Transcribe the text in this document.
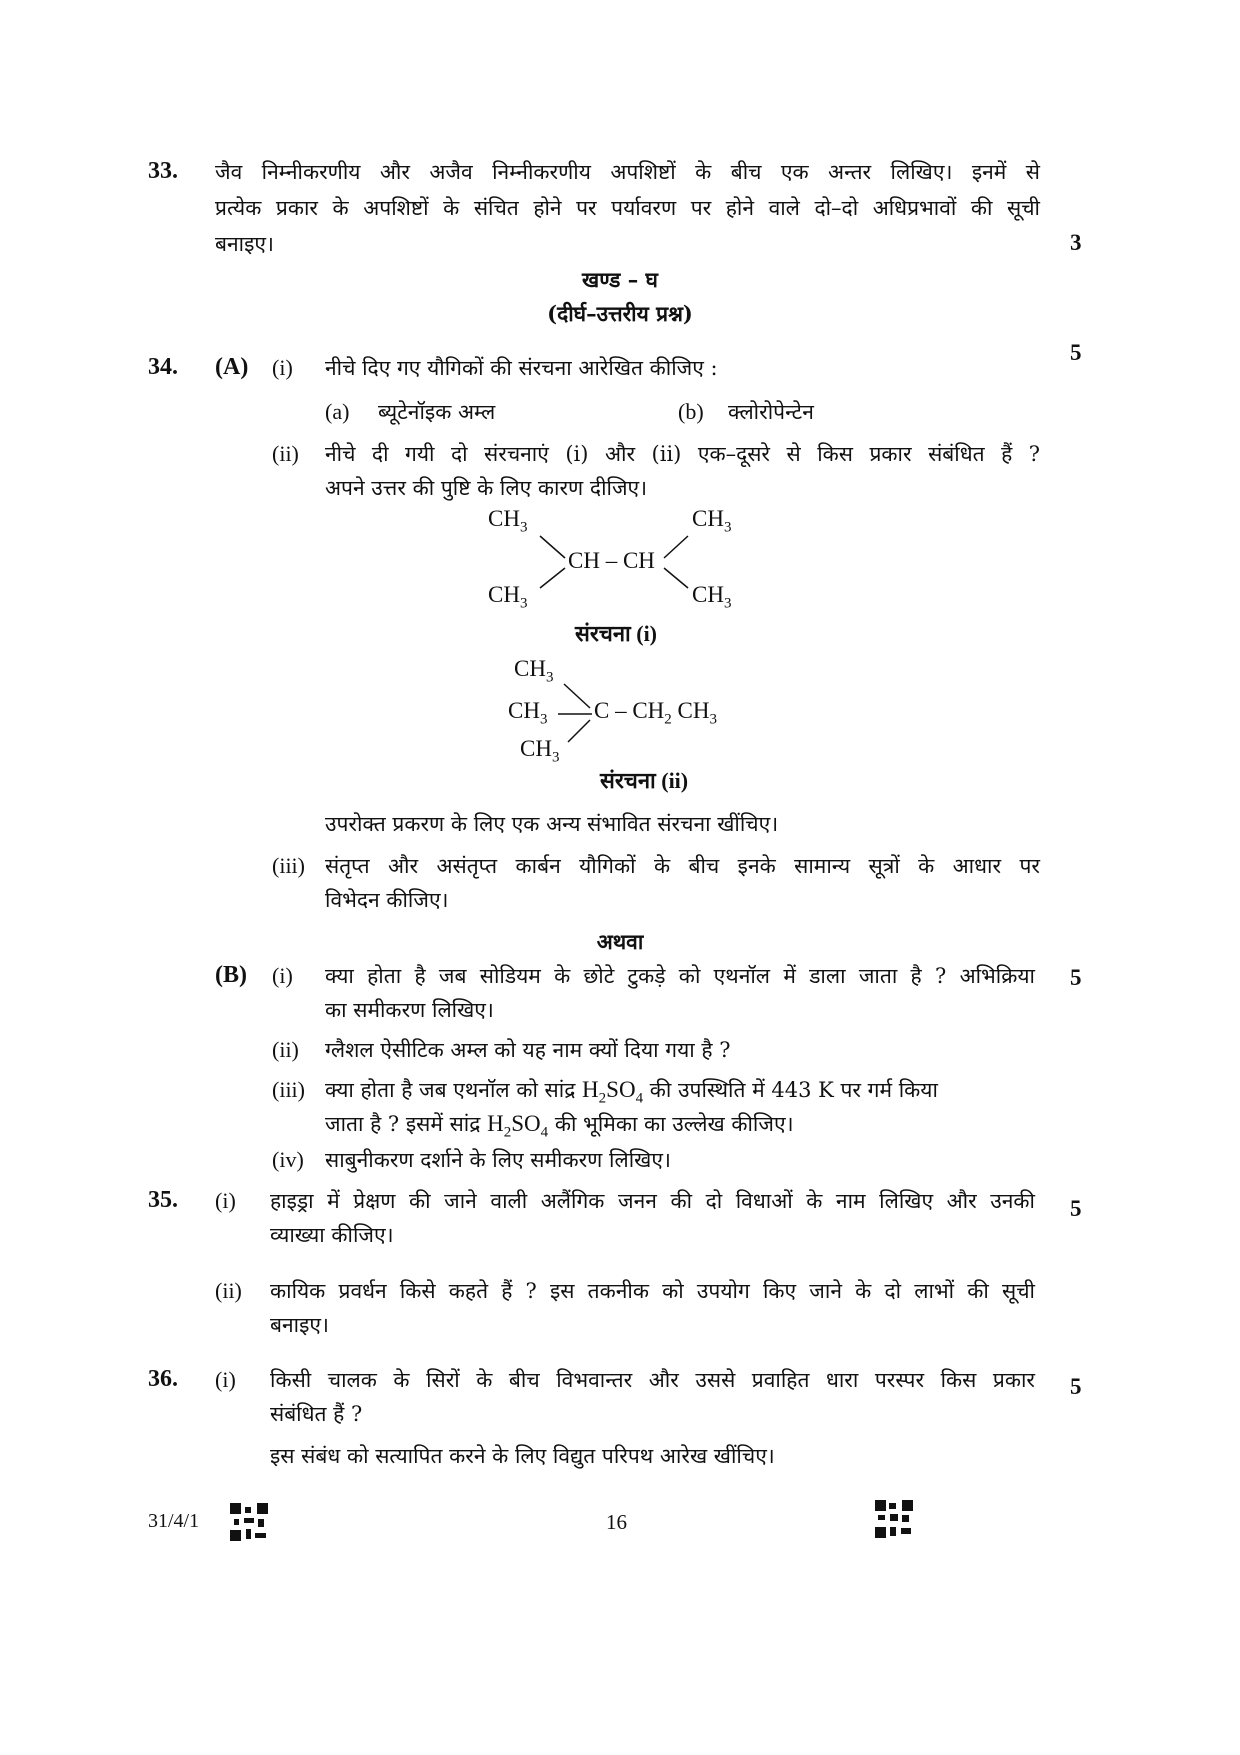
33. जैव निम्नीकरणीय और अजैव निम्नीकरणीय अपशिष्टों के बीच एक अन्तर लिखिए। इनमें से
प्रत्येक प्रकार के अपशिष्टों के संचित होने पर पर्यावरण पर होने वाले दो–दो अधिप्रभावों की सूची
बनाइए।	3
खण्ड – घ
(दीर्घ–उत्तरीय प्रश्न)
34. (A) (i) नीचे दिए गए यौगिकों की संरचना आरेखित कीजिए :
5
(a) ब्यूटेनॉइक अम्ल	(b) क्लोरोपेन्टेन
(ii) नीचे दी गयी दो संरचनाएं (i) और (ii) एक–दूसरे से किस प्रकार संबंधित हैं ?
अपने उत्तर की पुष्टि के लिए कारण दीजिए।
$CH_3$	$CH_3$
CH – CH
$CH_3$	$CH_3$
संरचना (i)
$CH_3$
$CH_3$ C – $CH_2$ $CH_3$
$CH_3$
संरचना (ii)
उपरोक्त प्रकरण के लिए एक अन्य संभावित संरचना खींचिए।
(iii) संतृप्त और असंतृप्त कार्बन यौगिकों के बीच इनके सामान्य सूत्रों के आधार पर
विभेदन कीजिए।
अथवा
(B) (i) क्या होता है जब सोडियम के छोटे टुकड़े को एथनॉल में डाला जाता है ? अभिक्रिया
का समीकरण लिखिए।
5
(ii) ग्लैशल ऐसीटिक अम्ल को यह नाम क्यों दिया गया है ?
(iii) क्या होता है जब एथनॉल को सांद्र $H_2SO_4$ की उपस्थिति में 443 K पर गर्म किया
जाता है ? इसमें सांद्र $H_2SO_4$ की भूमिका का उल्लेख कीजिए।
(iv) साबुनीकरण दर्शाने के लिए समीकरण लिखिए।
35. (i) हाइड्रा में प्रेक्षण की जाने वाली अलैंगिक जनन की दो विधाओं के नाम लिखिए और उनकी
व्याख्या कीजिए।
5
(ii) कायिक प्रवर्धन किसे कहते हैं ? इस तकनीक को उपयोग किए जाने के दो लाभों की सूची
बनाइए।
36. (i) किसी चालक के सिरों के बीच विभवान्तर और उससे प्रवाहित धारा परस्पर किस प्रकार
संबंधित हैं ?
5
इस संबंध को सत्यापित करने के लिए विद्युत परिपथ आरेख खींचिए।
31/4/1	16
